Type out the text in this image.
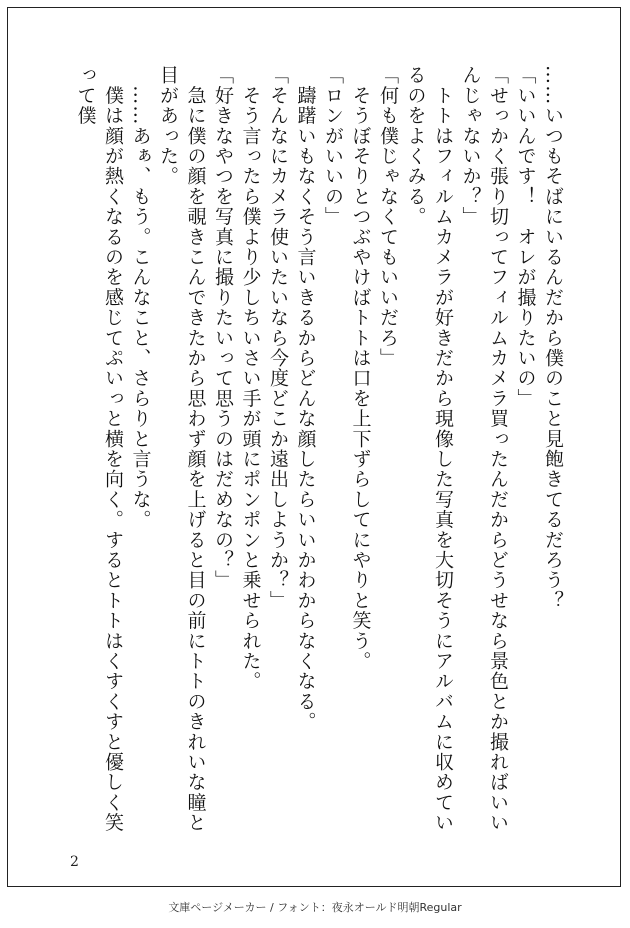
……いつもそばにいるんだから僕のこと見飽きてるだろう？

「いいんです！　オレが撮りたいの」

「せっかく張り切ってフィルムカメラ買ったんだからどうせなら景色とか撮ればいいんじゃないか？」

　トトはフィルムカメラが好きだから現像した写真を大切そうにアルバムに収めているのをよくみる。

「何も僕じゃなくてもいいだろ」

　そうぼそりとつぶやけばトトは口を上下ずらしてにやりと笑う。

「ロンがいいの」

　躊躇いもなくそう言いきるからどんな顔したらいいかわからなくなる。

「そんなにカメラ使いたいなら今度どこか遠出しようか？」

　そう言ったら僕より少しちいさい手が頭にポンポンと乗せられた。

「好きなやつを写真に撮りたいって思うのはだめなの？」

　急に僕の顔を覗きこんできたから思わず顔を上げると目の前にトトのきれいな瞳と目があった。

　……あぁ、もう。こんなこと、さらりと言うな。

　僕は顔が熱くなるのを感じてぷいっと横を向く。するとトトはくすくすと優しく笑って僕

2
文庫ページメーカー / フォント：夜永オールド明朝Regular
